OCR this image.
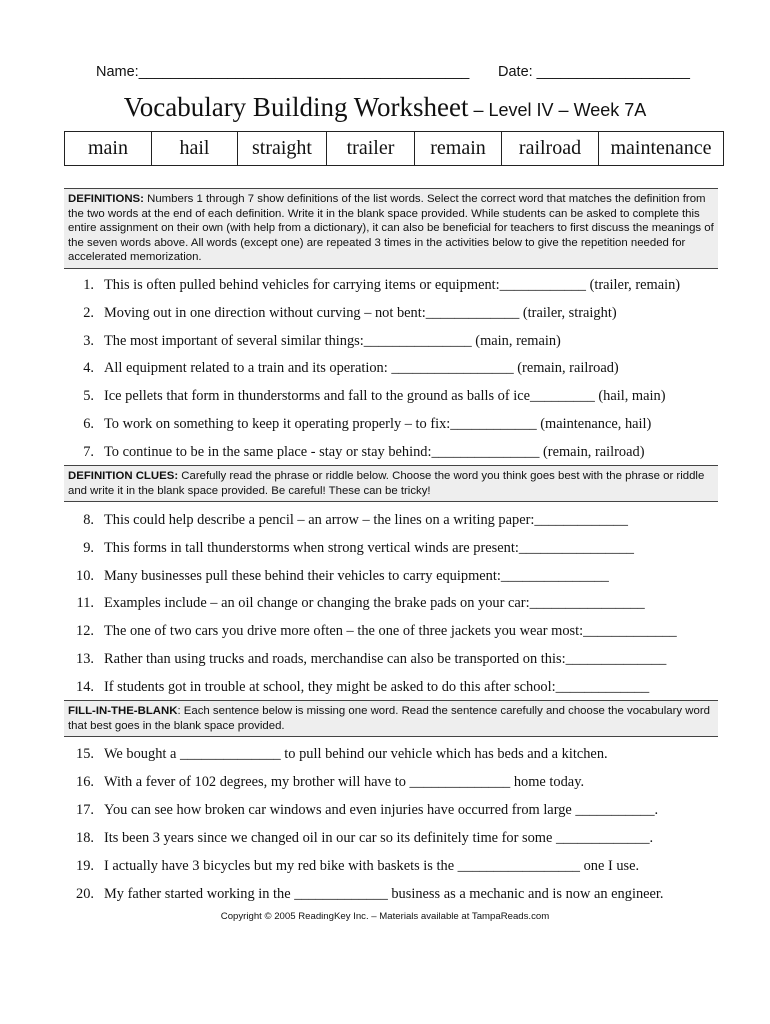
Name:_________________________________________ Date: ___________________
Vocabulary Building Worksheet – Level IV – Week 7A
main	hail	straight	trailer	remain	railroad	maintenance
DEFINITIONS: Numbers 1 through 7 show definitions of the list words. Select the correct word that matches the definition from the two words at the end of each definition. Write it in the blank space provided. While students can be asked to complete this entire assignment on their own (with help from a dictionary), it can also be beneficial for teachers to first discuss the meanings of the seven words above. All words (except one) are repeated 3 times in the activities below to give the repetition needed for accelerated memorization.
1. This is often pulled behind vehicles for carrying items or equipment:____________ (trailer, remain)
2. Moving out in one direction without curving – not bent:_____________ (trailer, straight)
3. The most important of several similar things:_______________ (main, remain)
4. All equipment related to a train and its operation: _________________ (remain, railroad)
5. Ice pellets that form in thunderstorms and fall to the ground as balls of ice_________ (hail, main)
6. To work on something to keep it operating properly – to fix:____________ (maintenance, hail)
7. To continue to be in the same place - stay or stay behind:_______________ (remain, railroad)
DEFINITION CLUES: Carefully read the phrase or riddle below. Choose the word you think goes best with the phrase or riddle and write it in the blank space provided. Be careful! These can be tricky!
8. This could help describe a pencil – an arrow – the lines on a writing paper:_____________
9. This forms in tall thunderstorms when strong vertical winds are present:________________
10. Many businesses pull these behind their vehicles to carry equipment:_______________
11. Examples include – an oil change or changing the brake pads on your car:________________
12. The one of two cars you drive more often – the one of three jackets you wear most:_____________
13. Rather than using trucks and roads, merchandise can also be transported on this:______________
14. If students got in trouble at school, they might be asked to do this after school:_____________
FILL-IN-THE-BLANK: Each sentence below is missing one word. Read the sentence carefully and choose the vocabulary word that best goes in the blank space provided.
15. We bought a ______________ to pull behind our vehicle which has beds and a kitchen.
16. With a fever of 102 degrees, my brother will have to ______________ home today.
17. You can see how broken car windows and even injuries have occurred from large ___________.
18. Its been 3 years since we changed oil in our car so its definitely time for some _____________.
19. I actually have 3 bicycles but my red bike with baskets is the _________________ one I use.
20. My father started working in the _____________ business as a mechanic and is now an engineer.
Copyright © 2005 ReadingKey Inc. – Materials available at TampaReads.com
